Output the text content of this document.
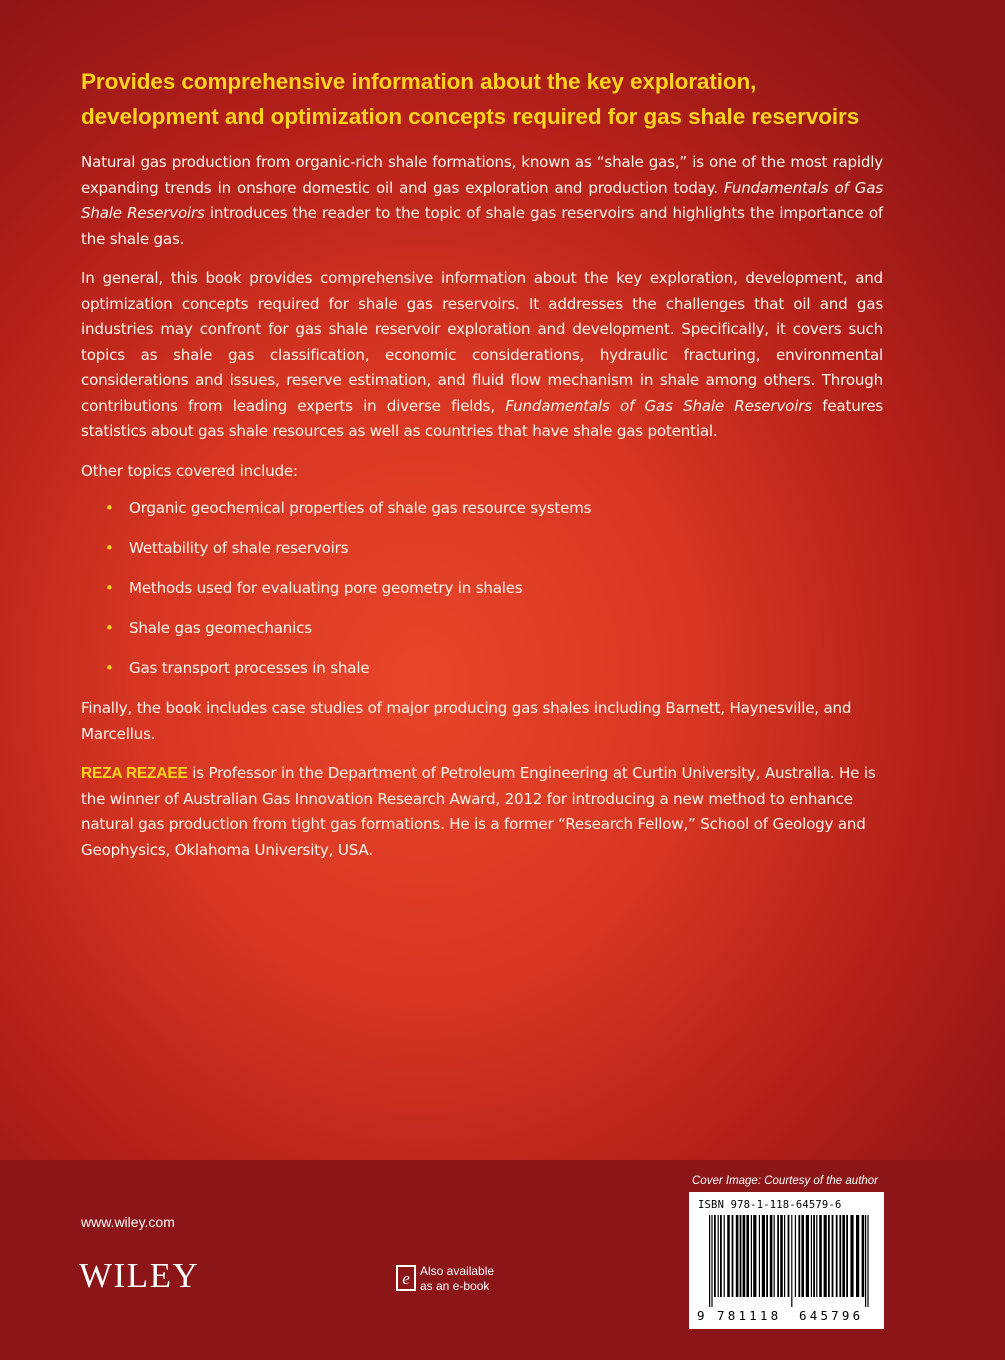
Provides comprehensive information about the key exploration, development and optimization concepts required for gas shale reservoirs

Natural gas production from organic-rich shale formations, known as “shale gas,” is one of the most rapidly expanding trends in onshore domestic oil and gas exploration and production today. Fundamentals of Gas Shale Reservoirs introduces the reader to the topic of shale gas reservoirs and highlights the importance of the shale gas.

In general, this book provides comprehensive information about the key exploration, development, and optimization concepts required for shale gas reservoirs. It addresses the challenges that oil and gas industries may confront for gas shale reservoir exploration and development. Specifically, it covers such topics as shale gas classification, economic considerations, hydraulic fracturing, environmental considerations and issues, reserve estimation, and fluid flow mechanism in shale among others. Through contributions from leading experts in diverse fields, Fundamentals of Gas Shale Reservoirs features statistics about gas shale resources as well as countries that have shale gas potential.

Other topics covered include:

• Organic geochemical properties of shale gas resource systems
• Wettability of shale reservoirs
• Methods used for evaluating pore geometry in shales
• Shale gas geomechanics
• Gas transport processes in shale

Finally, the book includes case studies of major producing gas shales including Barnett, Haynesville, and Marcellus.

REZA REZAEE is Professor in the Department of Petroleum Engineering at Curtin University, Australia. He is the winner of Australian Gas Innovation Research Award, 2012 for introducing a new method to enhance natural gas production from tight gas formations. He is a former “Research Fellow,” School of Geology and Geophysics, Oklahoma University, USA.

www.wiley.com
WILEY	e Also available
as an e-book
Cover Image: Courtesy of the author
ISBN 978-1-118-64579-6
9 781118 645796
